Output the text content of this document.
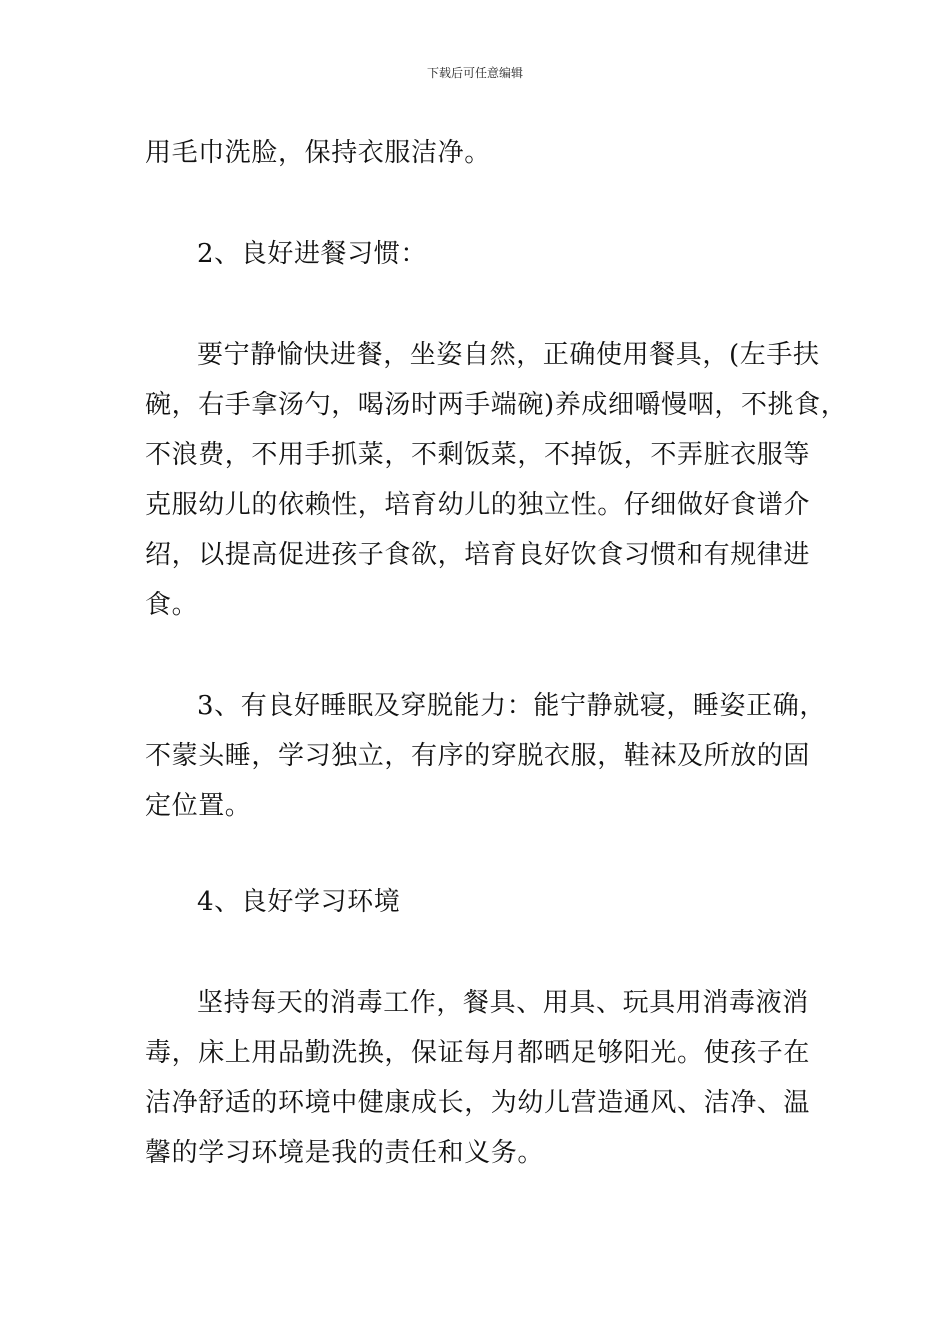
下载后可任意编辑
用毛巾洗脸，保持衣服洁净。
2、良好进餐习惯：
要宁静愉快进餐，坐姿自然，正确使用餐具，(左手扶
碗，右手拿汤勺，喝汤时两手端碗)养成细嚼慢咽，不挑食，
不浪费，不用手抓菜，不剩饭菜，不掉饭，不弄脏衣服等
克服幼儿的依赖性，培育幼儿的独立性。仔细做好食谱介
绍，以提高促进孩子食欲，培育良好饮食习惯和有规律进
食。
3、有良好睡眠及穿脱能力：能宁静就寝，睡姿正确，
不蒙头睡，学习独立，有序的穿脱衣服，鞋袜及所放的固
定位置。
4、良好学习环境
坚持每天的消毒工作，餐具、用具、玩具用消毒液消
毒，床上用品勤洗换，保证每月都晒足够阳光。使孩子在
洁净舒适的环境中健康成长，为幼儿营造通风、洁净、温
馨的学习环境是我的责任和义务。
